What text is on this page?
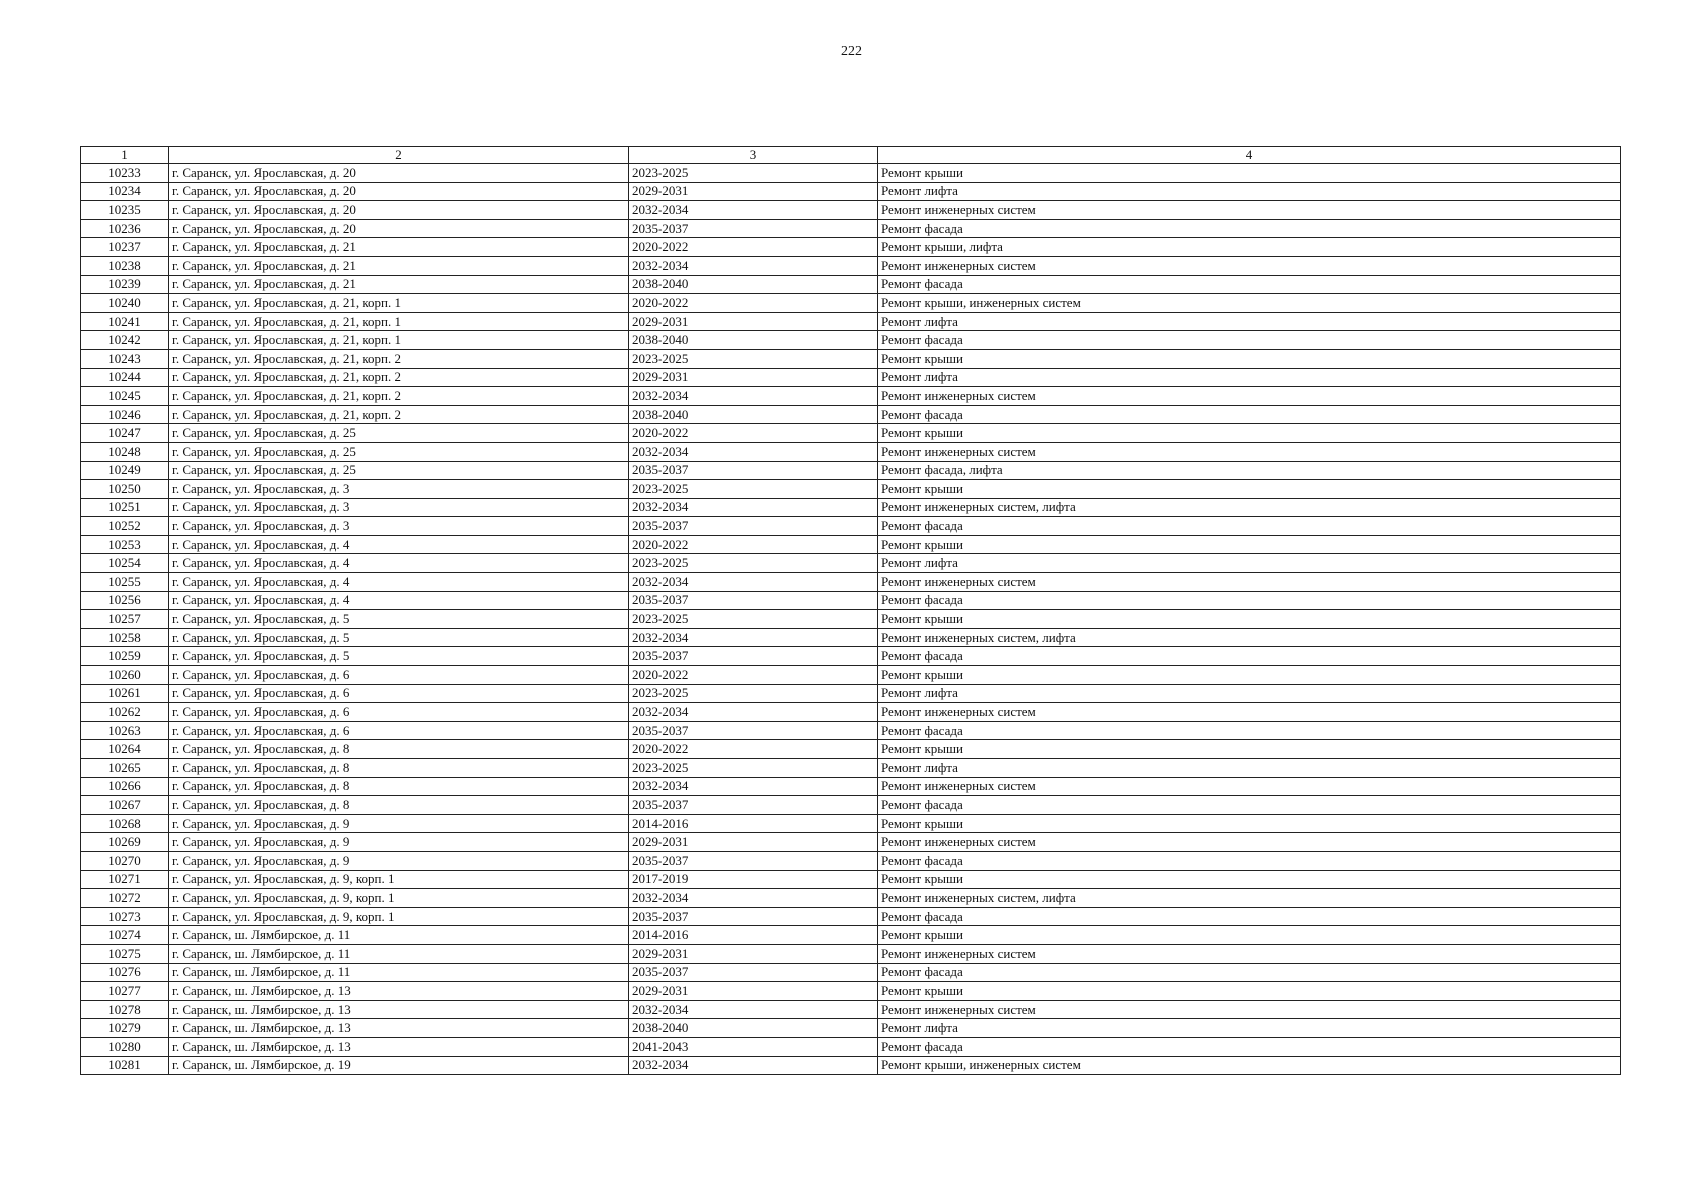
222
1	2	3	4
10233	г. Саранск, ул. Ярославская, д. 20	2023-2025	Ремонт крыши
10234	г. Саранск, ул. Ярославская, д. 20	2029-2031	Ремонт лифта
10235	г. Саранск, ул. Ярославская, д. 20	2032-2034	Ремонт инженерных систем
10236	г. Саранск, ул. Ярославская, д. 20	2035-2037	Ремонт фасада
10237	г. Саранск, ул. Ярославская, д. 21	2020-2022	Ремонт крыши, лифта
10238	г. Саранск, ул. Ярославская, д. 21	2032-2034	Ремонт инженерных систем
10239	г. Саранск, ул. Ярославская, д. 21	2038-2040	Ремонт фасада
10240	г. Саранск, ул. Ярославская, д. 21, корп. 1	2020-2022	Ремонт крыши, инженерных систем
10241	г. Саранск, ул. Ярославская, д. 21, корп. 1	2029-2031	Ремонт лифта
10242	г. Саранск, ул. Ярославская, д. 21, корп. 1	2038-2040	Ремонт фасада
10243	г. Саранск, ул. Ярославская, д. 21, корп. 2	2023-2025	Ремонт крыши
10244	г. Саранск, ул. Ярославская, д. 21, корп. 2	2029-2031	Ремонт лифта
10245	г. Саранск, ул. Ярославская, д. 21, корп. 2	2032-2034	Ремонт инженерных систем
10246	г. Саранск, ул. Ярославская, д. 21, корп. 2	2038-2040	Ремонт фасада
10247	г. Саранск, ул. Ярославская, д. 25	2020-2022	Ремонт крыши
10248	г. Саранск, ул. Ярославская, д. 25	2032-2034	Ремонт инженерных систем
10249	г. Саранск, ул. Ярославская, д. 25	2035-2037	Ремонт фасада, лифта
10250	г. Саранск, ул. Ярославская, д. 3	2023-2025	Ремонт крыши
10251	г. Саранск, ул. Ярославская, д. 3	2032-2034	Ремонт инженерных систем, лифта
10252	г. Саранск, ул. Ярославская, д. 3	2035-2037	Ремонт фасада
10253	г. Саранск, ул. Ярославская, д. 4	2020-2022	Ремонт крыши
10254	г. Саранск, ул. Ярославская, д. 4	2023-2025	Ремонт лифта
10255	г. Саранск, ул. Ярославская, д. 4	2032-2034	Ремонт инженерных систем
10256	г. Саранск, ул. Ярославская, д. 4	2035-2037	Ремонт фасада
10257	г. Саранск, ул. Ярославская, д. 5	2023-2025	Ремонт крыши
10258	г. Саранск, ул. Ярославская, д. 5	2032-2034	Ремонт инженерных систем, лифта
10259	г. Саранск, ул. Ярославская, д. 5	2035-2037	Ремонт фасада
10260	г. Саранск, ул. Ярославская, д. 6	2020-2022	Ремонт крыши
10261	г. Саранск, ул. Ярославская, д. 6	2023-2025	Ремонт лифта
10262	г. Саранск, ул. Ярославская, д. 6	2032-2034	Ремонт инженерных систем
10263	г. Саранск, ул. Ярославская, д. 6	2035-2037	Ремонт фасада
10264	г. Саранск, ул. Ярославская, д. 8	2020-2022	Ремонт крыши
10265	г. Саранск, ул. Ярославская, д. 8	2023-2025	Ремонт лифта
10266	г. Саранск, ул. Ярославская, д. 8	2032-2034	Ремонт инженерных систем
10267	г. Саранск, ул. Ярославская, д. 8	2035-2037	Ремонт фасада
10268	г. Саранск, ул. Ярославская, д. 9	2014-2016	Ремонт крыши
10269	г. Саранск, ул. Ярославская, д. 9	2029-2031	Ремонт инженерных систем
10270	г. Саранск, ул. Ярославская, д. 9	2035-2037	Ремонт фасада
10271	г. Саранск, ул. Ярославская, д. 9, корп. 1	2017-2019	Ремонт крыши
10272	г. Саранск, ул. Ярославская, д. 9, корп. 1	2032-2034	Ремонт инженерных систем, лифта
10273	г. Саранск, ул. Ярославская, д. 9, корп. 1	2035-2037	Ремонт фасада
10274	г. Саранск, ш. Лямбирское, д. 11	2014-2016	Ремонт крыши
10275	г. Саранск, ш. Лямбирское, д. 11	2029-2031	Ремонт инженерных систем
10276	г. Саранск, ш. Лямбирское, д. 11	2035-2037	Ремонт фасада
10277	г. Саранск, ш. Лямбирское, д. 13	2029-2031	Ремонт крыши
10278	г. Саранск, ш. Лямбирское, д. 13	2032-2034	Ремонт инженерных систем
10279	г. Саранск, ш. Лямбирское, д. 13	2038-2040	Ремонт лифта
10280	г. Саранск, ш. Лямбирское, д. 13	2041-2043	Ремонт фасада
10281	г. Саранск, ш. Лямбирское, д. 19	2032-2034	Ремонт крыши, инженерных систем
